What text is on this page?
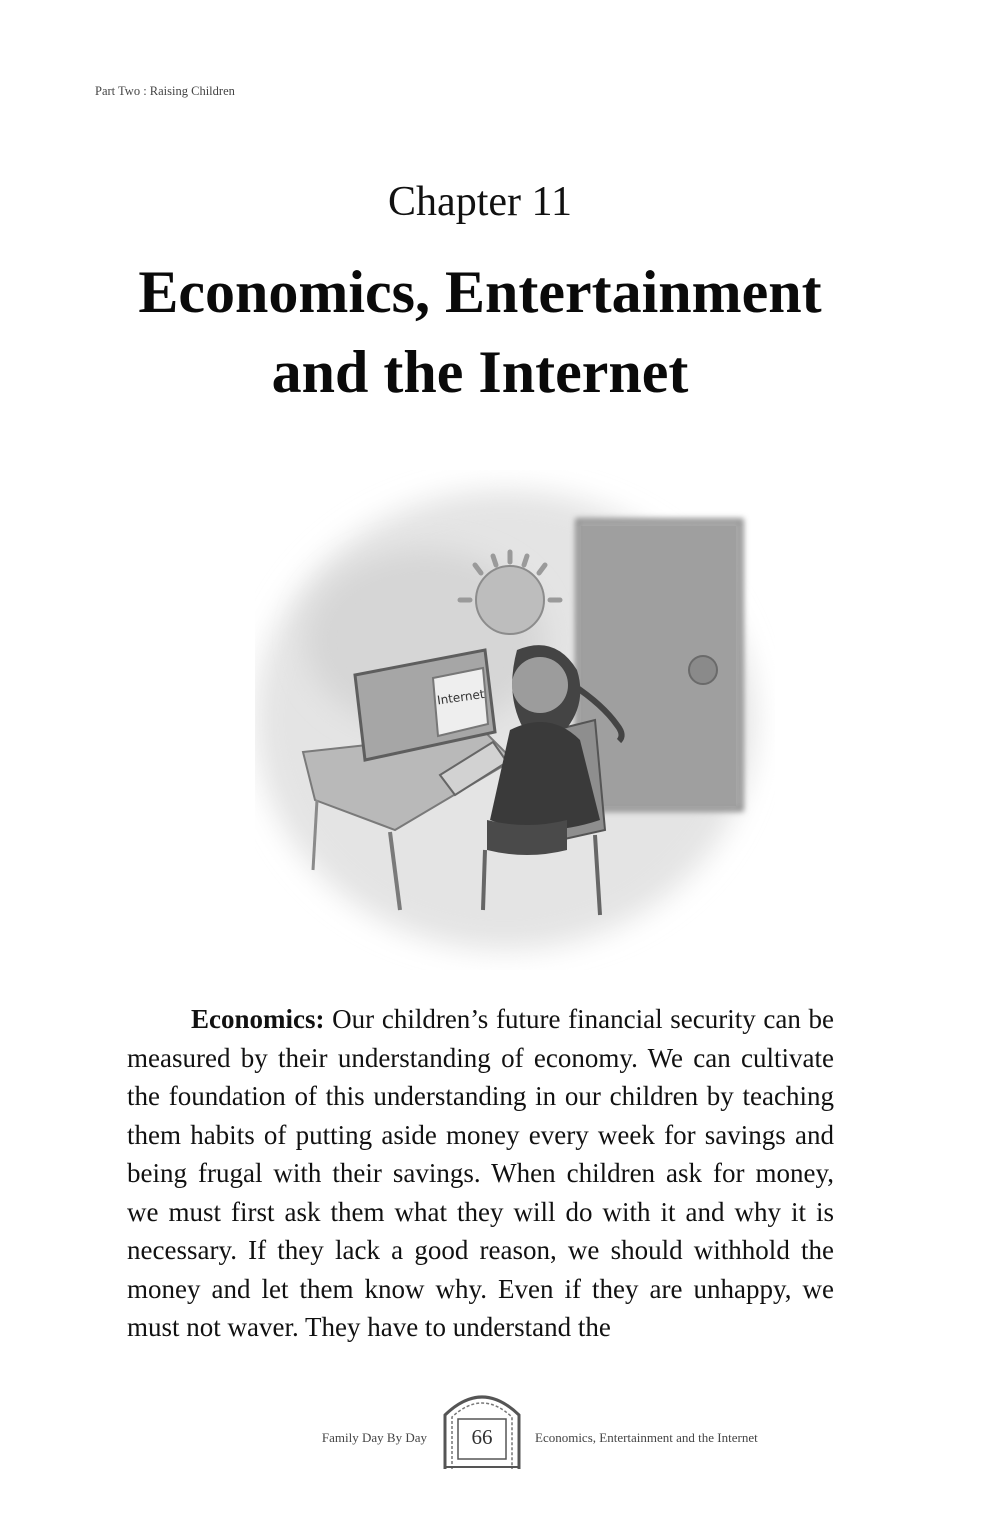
Part Two : Raising Children
Chapter 11
Economics, Entertainment
and the Internet
Internet
Economics: Our children’s future financial security can be measured by their understanding of economy. We can cultivate the foundation of this understanding in our children by teaching them habits of putting aside money every week for savings and being frugal with their savings. When children ask for money, we must first ask them what they will do with it and why it is necessary. If they lack a good reason, we should withhold the money and let them know why. Even if they are unhappy, we must not waver. They have to understand the
Family Day By Day	66	Economics, Entertainment and the Internet
